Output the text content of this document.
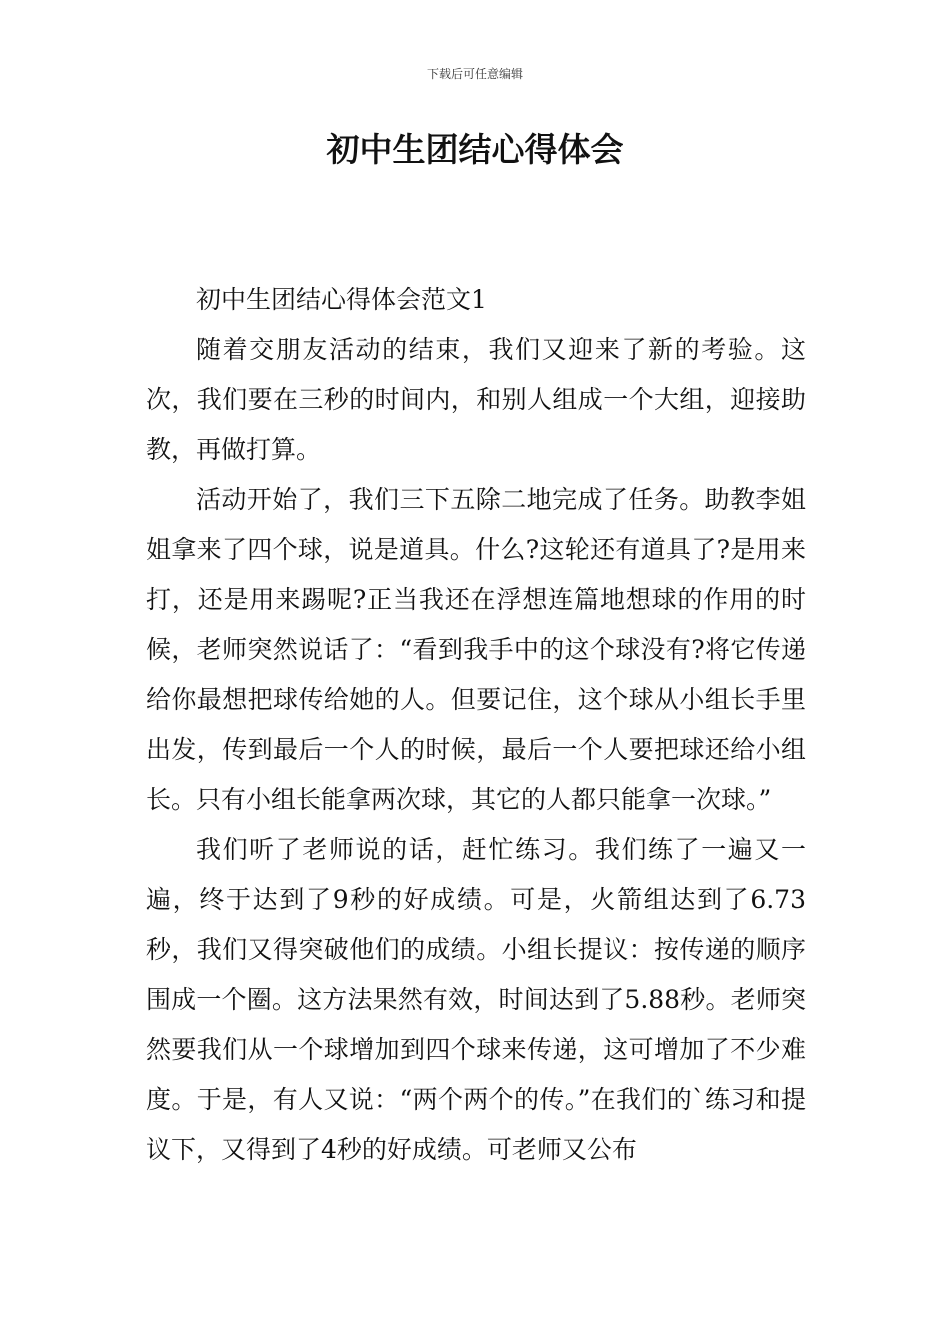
下载后可任意编辑
初中生团结心得体会

初中生团结心得体会范文1

随着交朋友活动的结束，我们又迎来了新的考验。这次，我们要在三秒的时间内，和别人组成一个大组，迎接助教，再做打算。

活动开始了，我们三下五除二地完成了任务。助教李姐姐拿来了四个球，说是道具。什么?这轮还有道具了?是用来打，还是用来踢呢?正当我还在浮想连篇地想球的作用的时候，老师突然说话了：“看到我手中的这个球没有?将它传递给你最想把球传给她的人。但要记住，这个球从小组长手里出发，传到最后一个人的时候，最后一个人要把球还给小组长。只有小组长能拿两次球，其它的人都只能拿一次球。”

我们听了老师说的话，赶忙练习。我们练了一遍又一遍，终于达到了9秒的好成绩。可是，火箭组达到了6.73秒，我们又得突破他们的成绩。小组长提议：按传递的顺序围成一个圈。这方法果然有效，时间达到了5.88秒。老师突然要我们从一个球增加到四个球来传递，这可增加了不少难度。于是，有人又说：“两个两个的传。”在我们的`练习和提议下，又得到了4秒的好成绩。可老师又公布
